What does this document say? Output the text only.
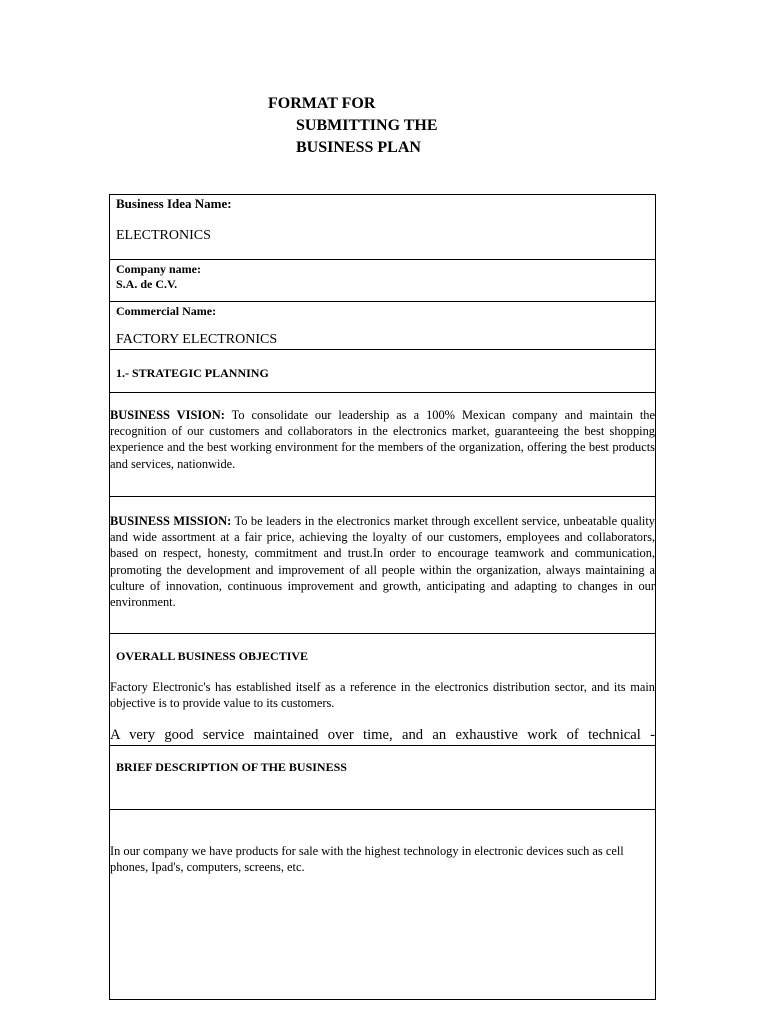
FORMAT FOR
SUBMITTING THE
BUSINESS PLAN
Business Idea Name:
ELECTRONICS
Company name:
S.A. de C.V.
Commercial Name:
FACTORY ELECTRONICS
1.- STRATEGIC PLANNING

BUSINESS VISION: To consolidate our leadership as a 100% Mexican company and maintain the recognition of our customers and collaborators in the electronics market, guaranteeing the best shopping experience and the best working environment for the members of the organization, offering the best products and services, nationwide.

BUSINESS MISSION: To be leaders in the electronics market through excellent service, unbeatable quality and wide assortment at a fair price, achieving the loyalty of our customers, employees and collaborators, based on respect, honesty, commitment and trust.In order to encourage teamwork and communication, promoting the development and improvement of all people within the organization, always maintaining a culture of innovation, continuous improvement and growth, anticipating and adapting to changes in our environment.

OVERALL BUSINESS OBJECTIVE

Factory Electronic's has established itself as a reference in the electronics distribution sector, and its main objective is to provide value to its customers.

A very good service maintained over time, and an exhaustive work of technical -

BRIEF DESCRIPTION OF THE BUSINESS

In our company we have products for sale with the highest technology in electronic devices such as cell phones, Ipad's, computers, screens, etc.
